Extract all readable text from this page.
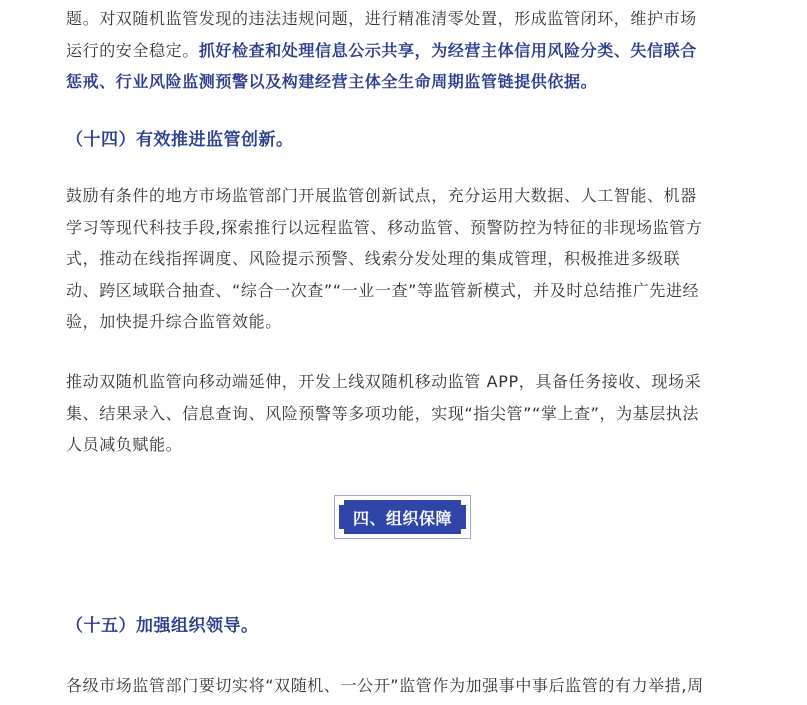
题。对双随机监管发现的违法违规问题，进行精准清零处置，形成监管闭环，维护市场
运行的安全稳定。抓好检查和处理信息公示共享，为经营主体信用风险分类、失信联合
惩戒、行业风险监测预警以及构建经营主体全生命周期监管链提供依据。
（十四）有效推进监管创新。
鼓励有条件的地方市场监管部门开展监管创新试点，充分运用大数据、人工智能、机器
学习等现代科技手段,探索推行以远程监管、移动监管、预警防控为特征的非现场监管方
式，推动在线指挥调度、风险提示预警、线索分发处理的集成管理，积极推进多级联
动、跨区域联合抽查、“综合一次查”“一业一查”等监管新模式，并及时总结推广先进经
验，加快提升综合监管效能。
推动双随机监管向移动端延伸，开发上线双随机移动监管 APP，具备任务接收、现场采
集、结果录入、信息查询、风险预警等多项功能，实现“指尖管”“掌上查”，为基层执法
人员减负赋能。
四、组织保障
（十五）加强组织领导。
各级市场监管部门要切实将“双随机、一公开”监管作为加强事中事后监管的有力举措,周
